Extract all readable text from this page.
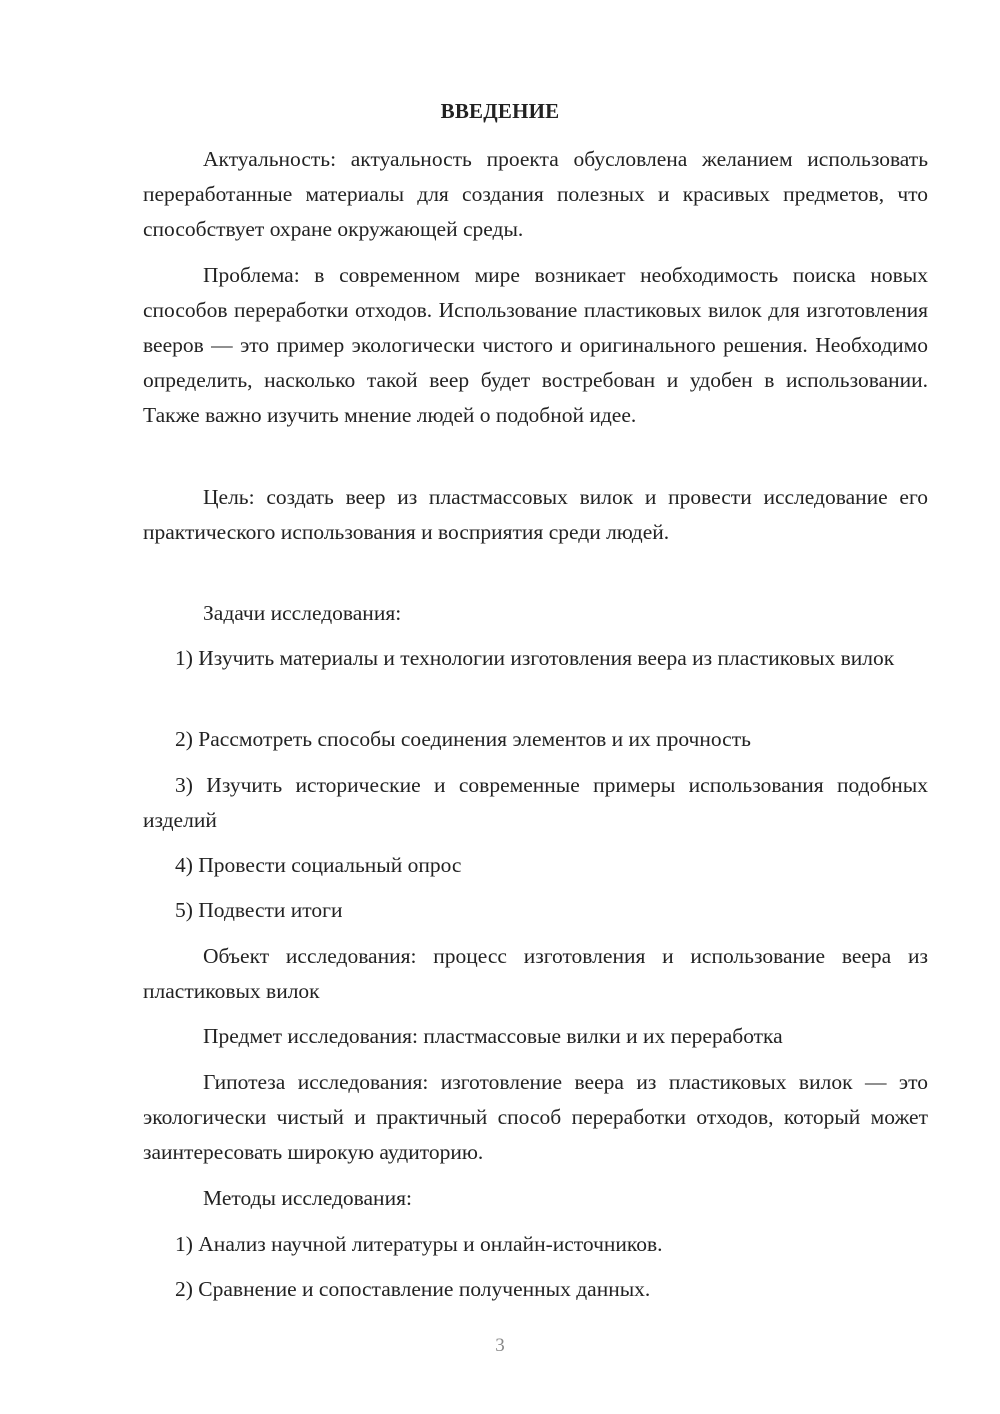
ВВЕДЕНИЕ

Актуальность: актуальность проекта обусловлена желанием использовать переработанные материалы для создания полезных и красивых предметов, что способствует охране окружающей среды.

Проблема: в современном мире возникает необходимость поиска новых способов переработки отходов. Использование пластиковых вилок для изготовления вееров — это пример экологически чистого и оригинального решения. Необходимо определить, насколько такой веер будет востребован и удобен в использовании. Также важно изучить мнение людей о подобной идее.

Цель: создать веер из пластмассовых вилок и провести исследование его практического использования и восприятия среди людей.

Задачи исследования:

1) Изучить материалы и технологии изготовления веера из пластиковых вилок

2) Рассмотреть способы соединения элементов и их прочность

3) Изучить исторические и современные примеры использования подобных изделий

4) Провести социальный опрос

5) Подвести итоги

Объект исследования: процесс изготовления и использование веера из пластиковых вилок

Предмет исследования: пластмассовые вилки и их переработка

Гипотеза исследования: изготовление веера из пластиковых вилок — это экологически чистый и практичный способ переработки отходов, который может заинтересовать широкую аудиторию.

Методы исследования:

1) Анализ научной литературы и онлайн-источников.

2) Сравнение и сопоставление полученных данных.

3
